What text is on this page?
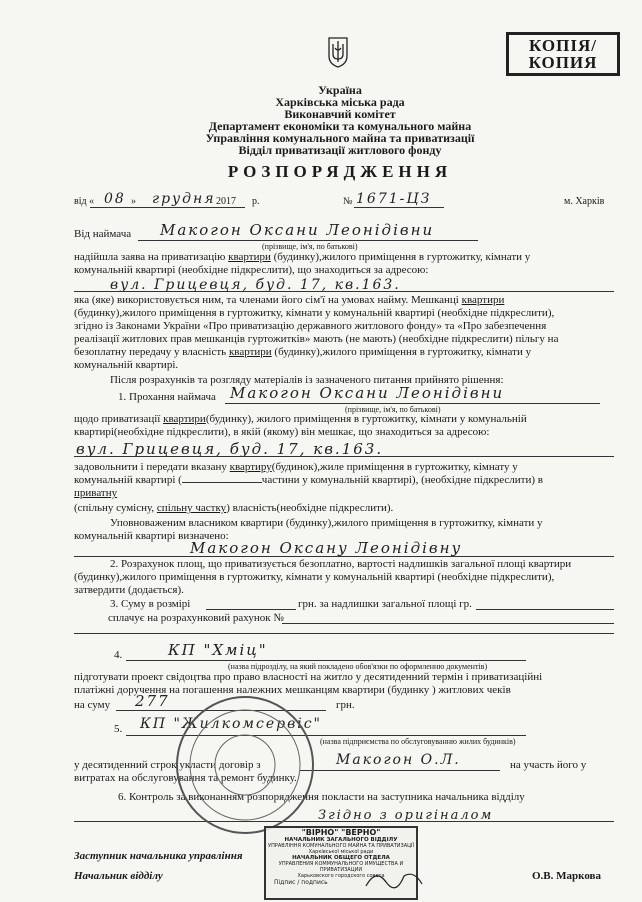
КОПІЯ/
КОПИЯ
Україна
Харківська міська рада
Виконавчий комітет
Департамент економіки та комунального майна
Управління комунального майна та приватизації
Відділ приватизації житлового фонду
РОЗПОРЯДЖЕННЯ
від « 08 » грудня 2017 р.	№ 1671-ЦЗ	м. Харків
Від наймача Макогон Оксани Леонідівни
(прізвище, ім'я, по батькові)
надійшла заява на приватизацію квартири (будинку),жилого приміщення в гуртожитку, кімнати у
комунальній квартирі (необхідне підкреслити), що знаходиться за адресою:
вул. Грицевця, буд. 17, кв.163.
яка (яке) використовується ним, та членами його сім'ї на умовах найму. Мешканці квартири
(будинку),жилого приміщення в гуртожитку, кімнати у комунальній квартирі (необхідне підкреслити),
згідно із Законами України «Про приватизацію державного житлового фонду» та «Про забезпечення
реалізації житлових прав мешканців гуртожитків» мають (не мають) (необхідне підкреслити) пільгу на
безоплатну передачу у власність квартири (будинку),жилого приміщення в гуртожитку, кімнати у
комунальній квартирі.
Після розрахунків та розгляду матеріалів із зазначеного питання прийнято рішення:
1. Прохання наймача Макогон Оксани Леонідівни
(прізвище, ім'я, по батькові)
щодо приватизації квартири(будинку), жилого приміщення в гуртожитку, кімнати у комунальній
квартирі(необхідне підкреслити), в якій (якому) він мешкає, що знаходиться за адресою:
вул. Грицевця, буд. 17, кв.163.
задовольнити і передати вказану квартиру(будинок),жиле приміщення в гуртожитку, кімнату у
комунальній квартирі (	частини у комунальній квартирі), (необхідне підкреслити) в
приватну
(спільну сумісну, спільну частку) власність(необхідне підкреслити).
Уповноваженим власником квартири (будинку),жилого приміщення в гуртожитку, кімнати у
комунальній квартирі визначено:
Макогон Оксану Леонідівну
2. Розрахунок площ, що приватизується безоплатно, вартості надлишків загальної площі квартири
(будинку),жилого приміщення в гуртожитку, кімнати у комунальній квартирі (необхідне підкреслити),
затвердити (додається).
3. Суму в розмірі	грн. за надлишки загальної площі гр.
сплачує на розрахунковий рахунок №
4.	КП "Хміц"
(назва підрозділу, на який покладено обов'язки по оформленню документів)
підготувати проект свідоцтва про право власності на житло у десятиденний термін і приватизаційні
платіжні доручення на погашення належних мешканцям квартири (будинку ) житлових чеків
на суму 277	грн.
5. КП "Жилкомсервіс"
(назва підприємства по обслуговуванню жилих будинків)
у десятиденний строк укласти договір з	Макогон О.Л.	на участь його у
витратах на обслуговування та ремонт будинку.
6. Контроль за виконанням розпорядження покласти на заступника начальника відділу
Згідно з оригіналом
"ВІРНО" "ВЕРНО"
НАЧАЛЬНИК ЗАГАЛЬНОГО ВІДДІЛУ
УПРАВЛІННЯ КОМУНАЛЬНОГО МАЙНА ТА ПРИВАТИЗАЦІЇ
Харківської міської ради
НАЧАЛЬНИК ОБЩЕГО ОТДЕЛА
УПРАВЛЕНИЯ КОММУНАЛЬНОГО ИМУЩЕСТВА И ПРИВАТИЗАЦИИ
Харьковского городского совета
Підпис / подпись
Заступник начальника управління
Начальник відділу	О.В. Маркова
